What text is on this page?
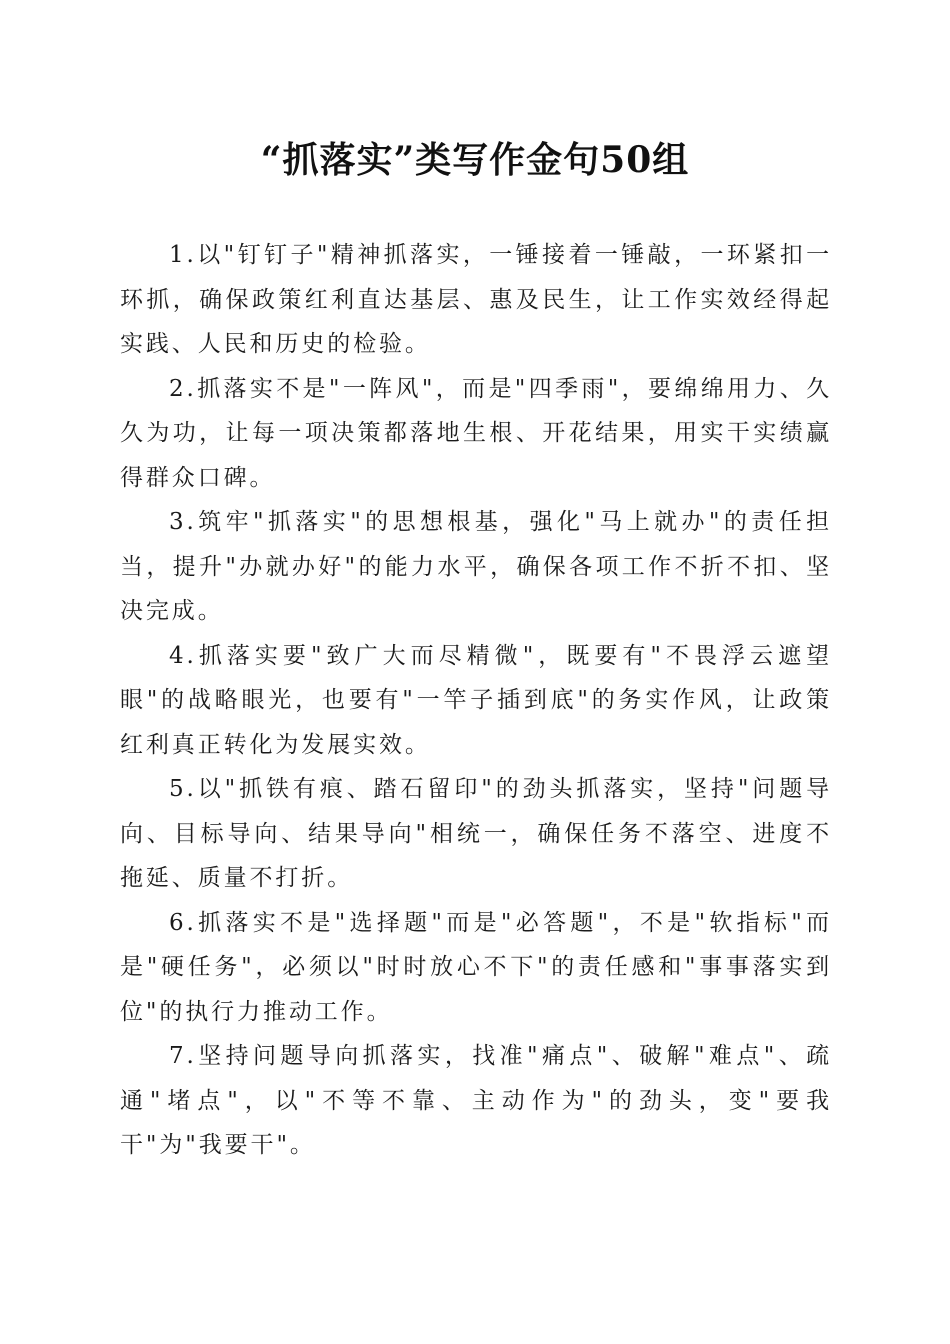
“抓落实”类写作金句50组

1.以"钉钉子"精神抓落实，一锤接着一锤敲，一环紧扣一环抓，确保政策红利直达基层、惠及民生，让工作实效经得起实践、人民和历史的检验。

2.抓落实不是"一阵风"，而是"四季雨"，要绵绵用力、久久为功，让每一项决策都落地生根、开花结果，用实干实绩赢得群众口碑。

3.筑牢"抓落实"的思想根基，强化"马上就办"的责任担当，提升"办就办好"的能力水平，确保各项工作不折不扣、坚决完成。

4.抓落实要"致广大而尽精微"，既要有"不畏浮云遮望眼"的战略眼光，也要有"一竿子插到底"的务实作风，让政策红利真正转化为发展实效。

5.以"抓铁有痕、踏石留印"的劲头抓落实，坚持"问题导向、目标导向、结果导向"相统一，确保任务不落空、进度不拖延、质量不打折。

6.抓落实不是"选择题"而是"必答题"，不是"软指标"而是"硬任务"，必须以"时时放心不下"的责任感和"事事落实到位"的执行力推动工作。

7.坚持问题导向抓落实，找准"痛点"、破解"难点"、疏通"堵点"，以"不等不靠、主动作为"的劲头，变"要我干"为"我要干"。
